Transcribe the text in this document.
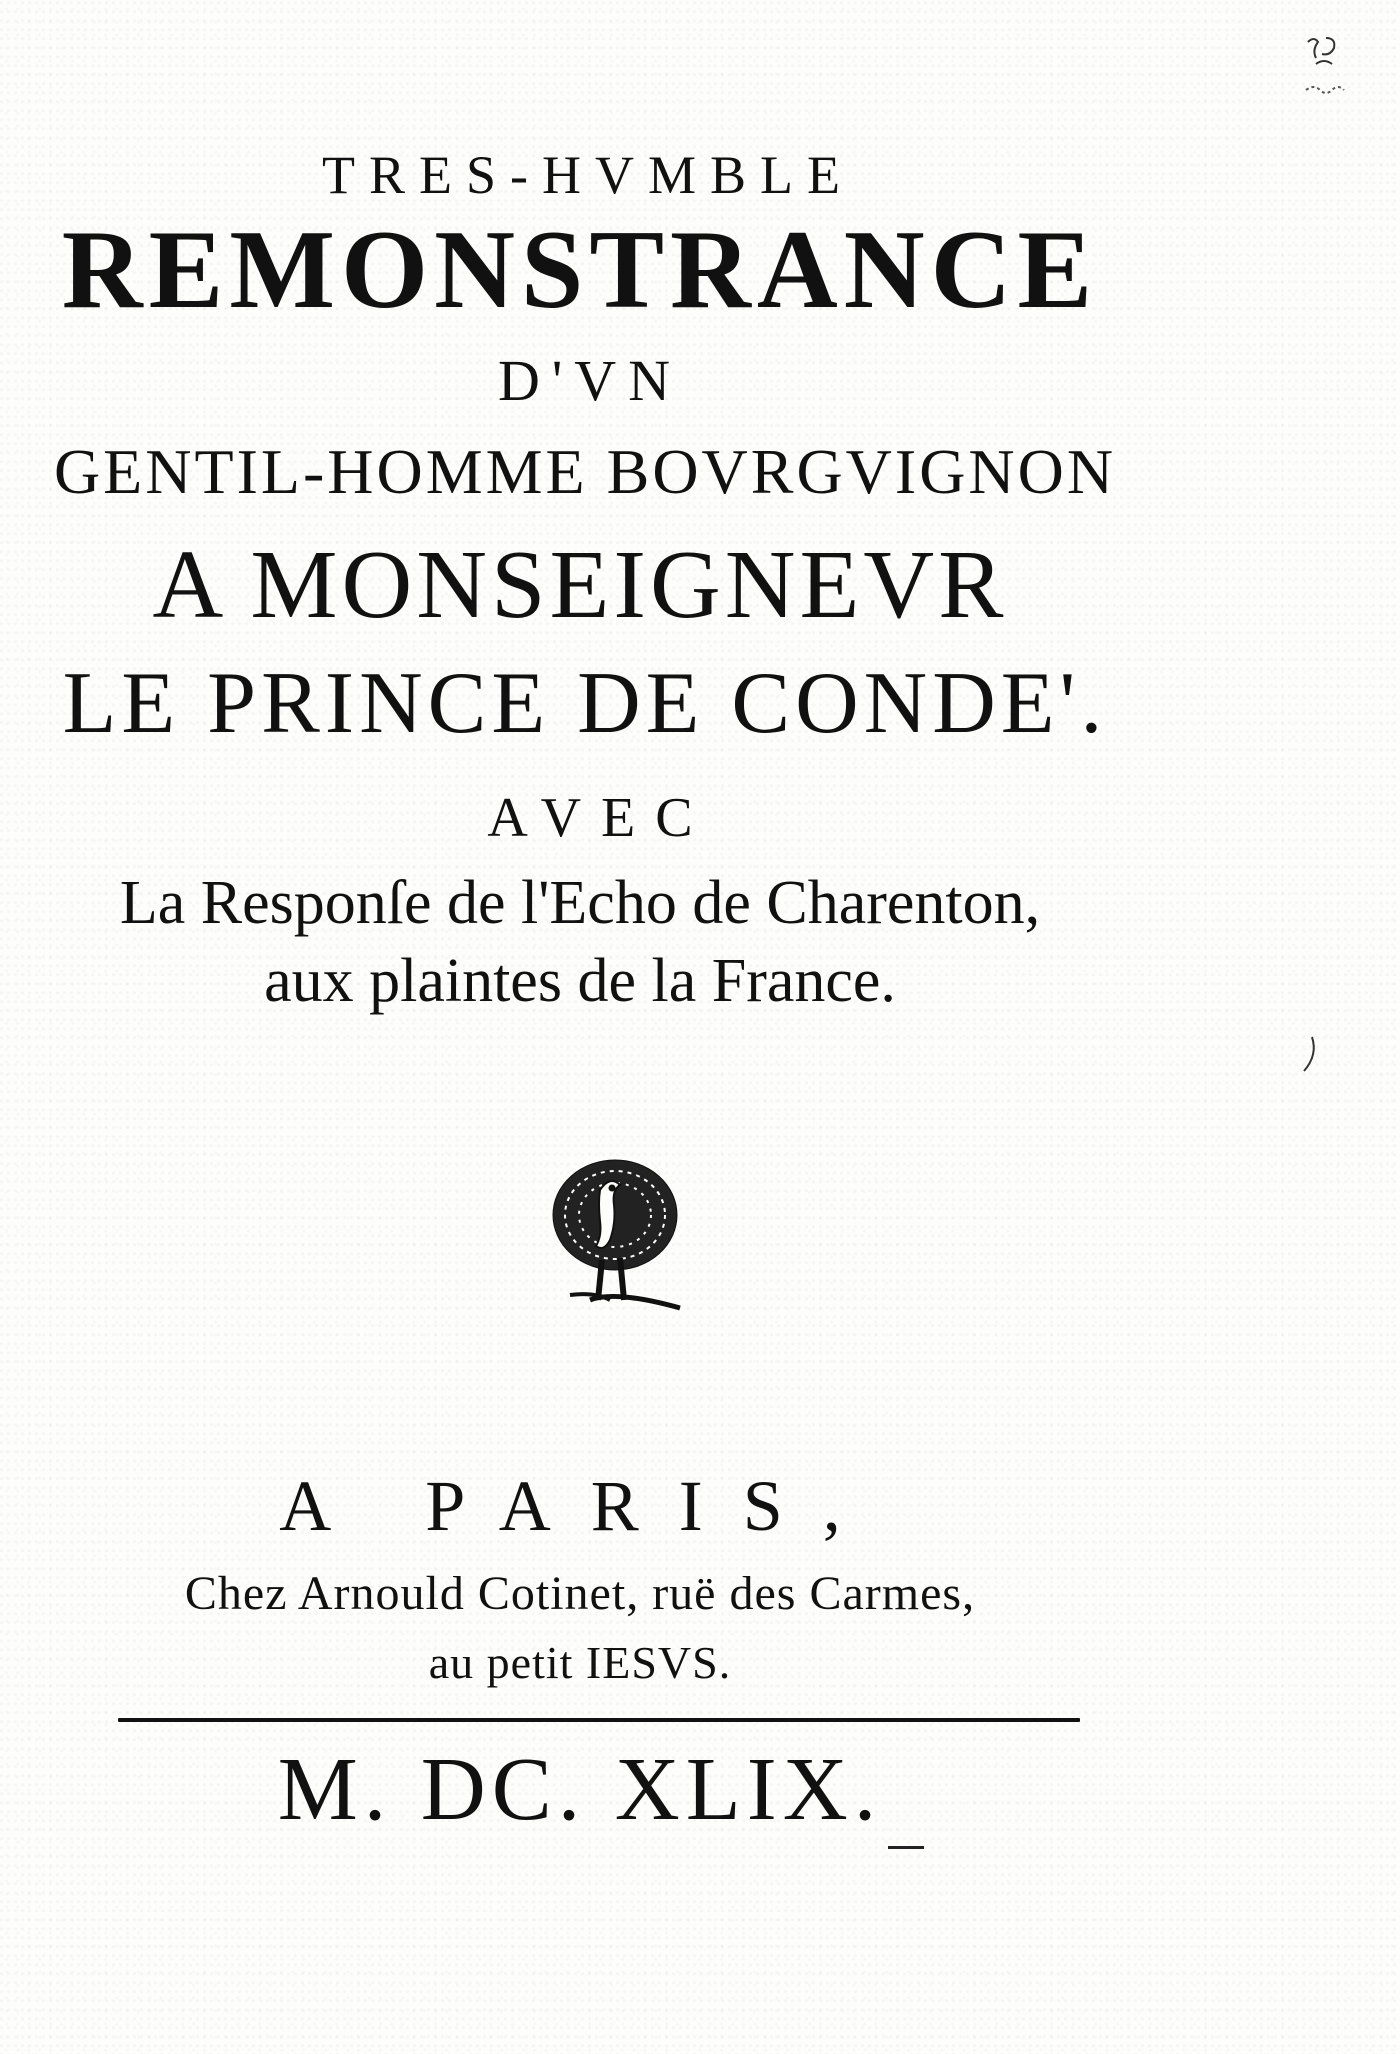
TRES-HVMBLE
REMONSTRANCE
D'VN
GENTIL-HOMME BOVRGVIGNON
A MONSEIGNEVR
LE PRINCE DE CONDE'.
AVEC
La Responſe de l'Echo de Charenton,
aux plaintes de la France.
A PARIS,
Chez Arnould Cotinet, ruë des Carmes,
au petit IESVS.
M. DC. XLIX.
